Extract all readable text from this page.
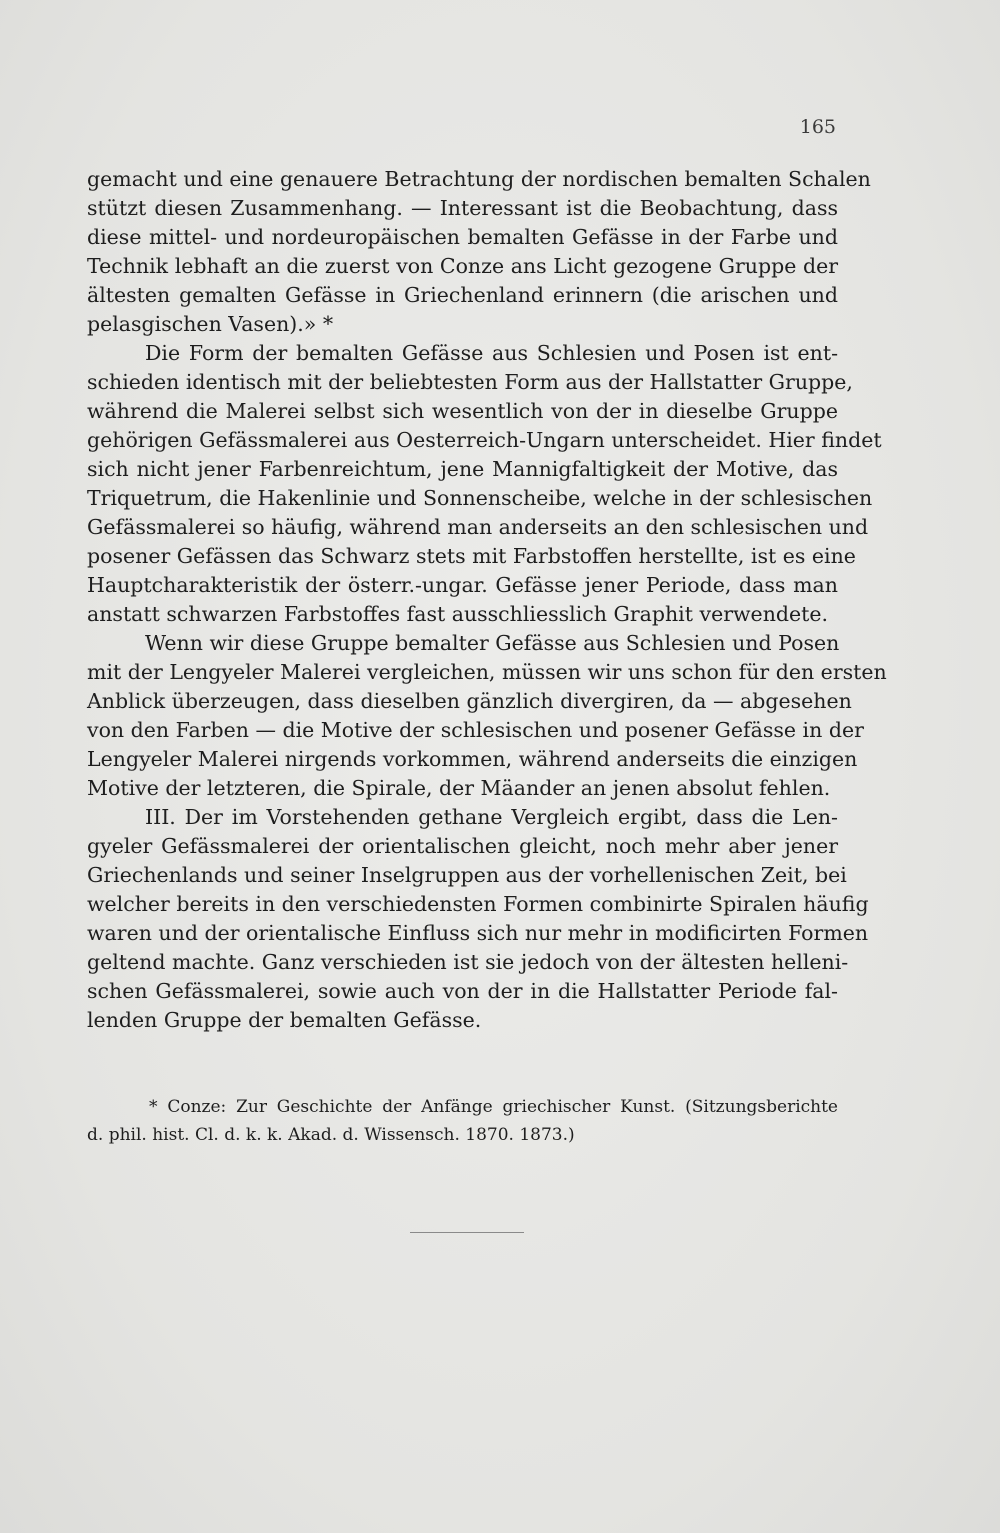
165
gemacht und eine genauere Betrachtung der nordischen bemalten Schalen
stützt diesen Zusammenhang. — Interessant ist die Beobachtung, dass
diese mittel- und nordeuropäischen bemalten Gefässe in der Farbe und
Technik lebhaft an die zuerst von Conze ans Licht gezogene Gruppe der
ältesten gemalten Gefässe in Griechenland erinnern (die arischen und
pelasgischen Vasen).» *
Die Form der bemalten Gefässe aus Schlesien und Posen ist ent-
schieden identisch mit der beliebtesten Form aus der Hallstatter Gruppe,
während die Malerei selbst sich wesentlich von der in dieselbe Gruppe
gehörigen Gefässmalerei aus Oesterreich-Ungarn unterscheidet. Hier findet
sich nicht jener Farbenreichtum, jene Mannigfaltigkeit der Motive, das
Triquetrum, die Hakenlinie und Sonnenscheibe, welche in der schlesischen
Gefässmalerei so häufig, während man anderseits an den schlesischen und
posener Gefässen das Schwarz stets mit Farbstoffen herstellte, ist es eine
Hauptcharakteristik der österr.-ungar. Gefässe jener Periode, dass man
anstatt schwarzen Farbstoffes fast ausschliesslich Graphit verwendete.
Wenn wir diese Gruppe bemalter Gefässe aus Schlesien und Posen
mit der Lengyeler Malerei vergleichen, müssen wir uns schon für den ersten
Anblick überzeugen, dass dieselben gänzlich divergiren, da — abgesehen
von den Farben — die Motive der schlesischen und posener Gefässe in der
Lengyeler Malerei nirgends vorkommen, während anderseits die einzigen
Motive der letzteren, die Spirale, der Mäander an jenen absolut fehlen.
III. Der im Vorstehenden gethane Vergleich ergibt, dass die Len-
gyeler Gefässmalerei der orientalischen gleicht, noch mehr aber jener
Griechenlands und seiner Inselgruppen aus der vorhellenischen Zeit, bei
welcher bereits in den verschiedensten Formen combinirte Spiralen häufig
waren und der orientalische Einfluss sich nur mehr in modificirten Formen
geltend machte. Ganz verschieden ist sie jedoch von der ältesten helleni-
schen Gefässmalerei, sowie auch von der in die Hallstatter Periode fal-
lenden Gruppe der bemalten Gefässe.
* Conze: Zur Geschichte der Anfänge griechischer Kunst. (Sitzungsberichte
d. phil. hist. Cl. d. k. k. Akad. d. Wissensch. 1870. 1873.)
